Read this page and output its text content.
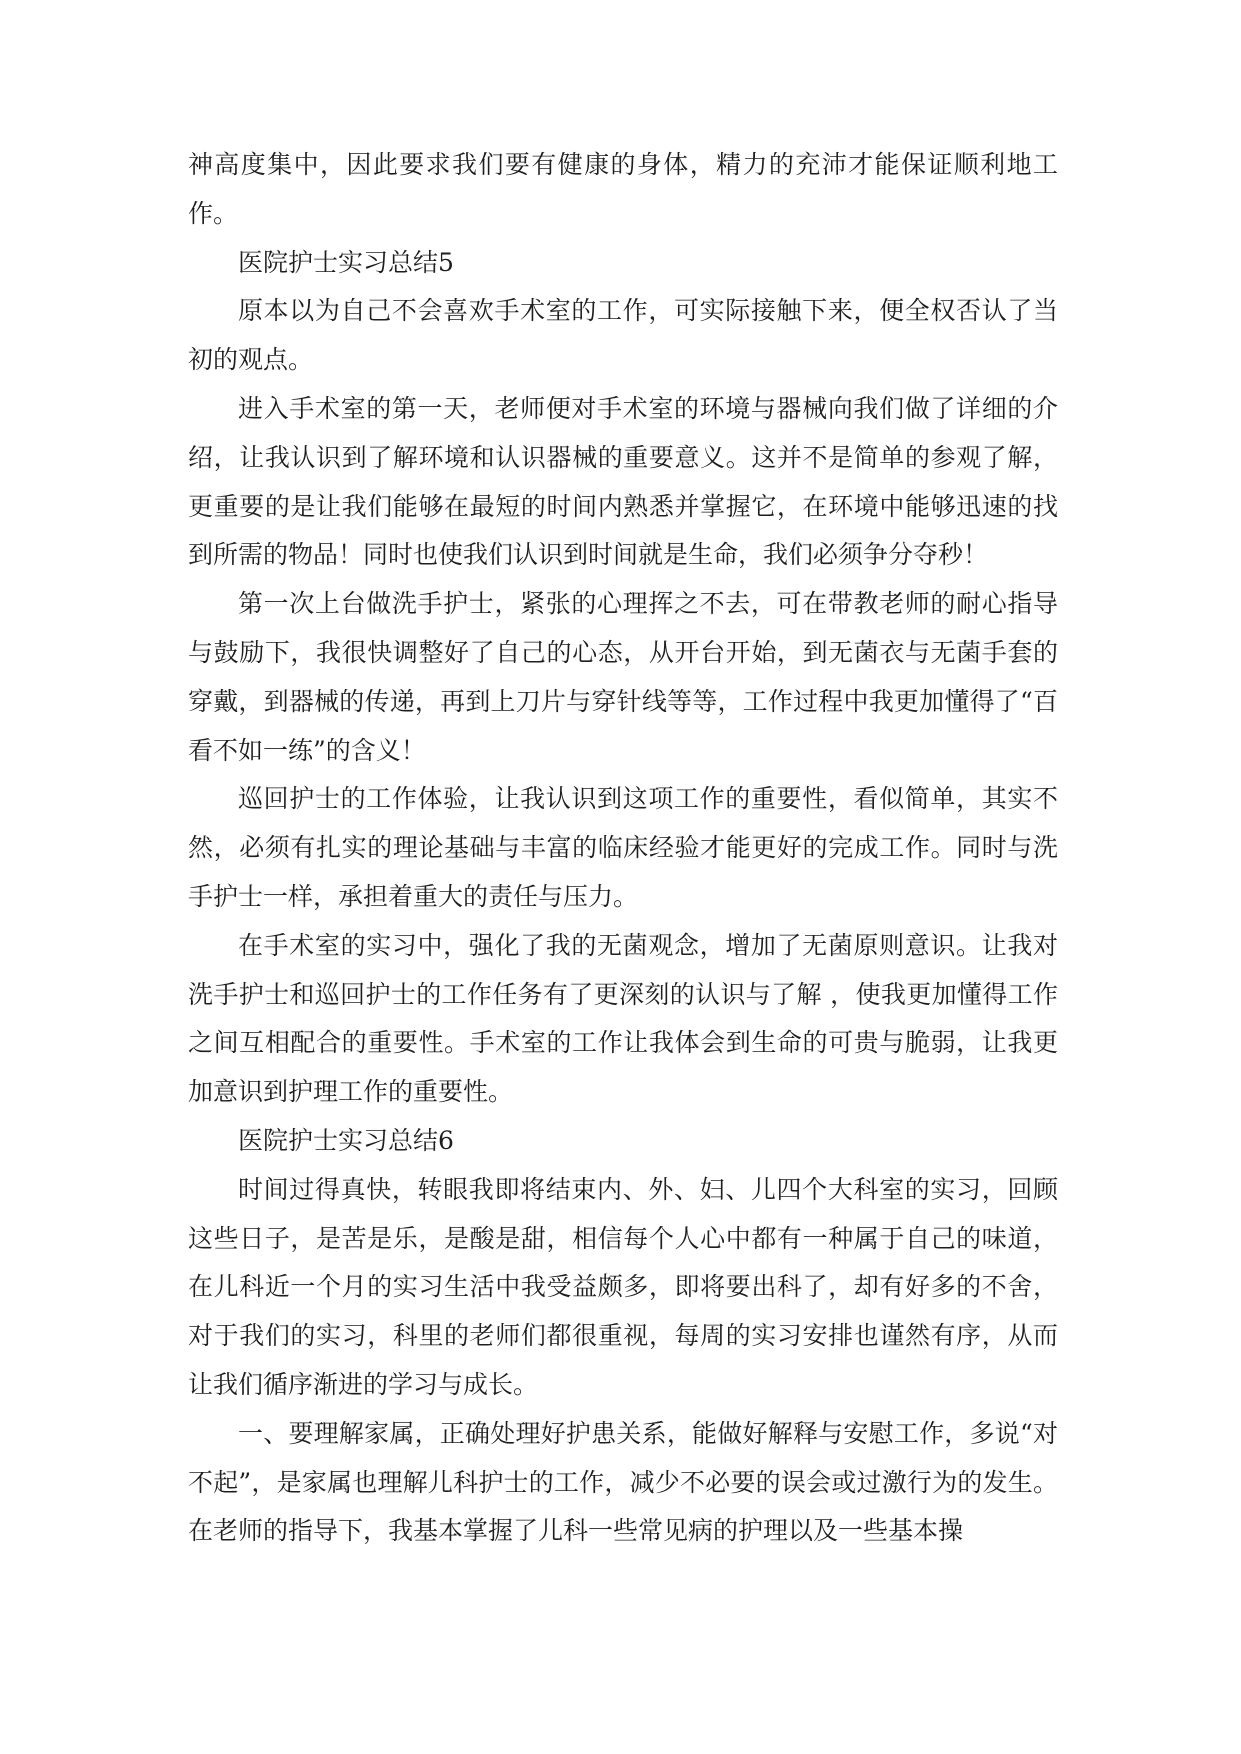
神高度集中，因此要求我们要有健康的身体，精力的充沛才能保证顺利地工作。

医院护士实习总结5

原本以为自己不会喜欢手术室的工作，可实际接触下来，便全权否认了当初的观点。

进入手术室的第一天，老师便对手术室的环境与器械向我们做了详细的介绍，让我认识到了解环境和认识器械的重要意义。这并不是简单的参观了解，更重要的是让我们能够在最短的时间内熟悉并掌握它，在环境中能够迅速的找到所需的物品！同时也使我们认识到时间就是生命，我们必须争分夺秒！

第一次上台做洗手护士，紧张的心理挥之不去，可在带教老师的耐心指导与鼓励下，我很快调整好了自己的心态，从开台开始，到无菌衣与无菌手套的穿戴，到器械的传递，再到上刀片与穿针线等等，工作过程中我更加懂得了“百看不如一练”的含义！

巡回护士的工作体验，让我认识到这项工作的重要性，看似简单，其实不然，必须有扎实的理论基础与丰富的临床经验才能更好的完成工作。同时与洗手护士一样，承担着重大的责任与压力。

在手术室的实习中，强化了我的无菌观念，增加了无菌原则意识。让我对洗手护士和巡回护士的工作任务有了更深刻的认识与了解 ，使我更加懂得工作之间互相配合的重要性。手术室的工作让我体会到生命的可贵与脆弱，让我更加意识到护理工作的重要性。

医院护士实习总结6

时间过得真快，转眼我即将结束内、外、妇、儿四个大科室的实习，回顾这些日子，是苦是乐，是酸是甜，相信每个人心中都有一种属于自己的味道，在儿科近一个月的实习生活中我受益颇多，即将要出科了，却有好多的不舍，对于我们的实习，科里的老师们都很重视，每周的实习安排也谨然有序，从而让我们循序渐进的学习与成长。

一、要理解家属，正确处理好护患关系，能做好解释与安慰工作，多说“对不起”，是家属也理解儿科护士的工作，减少不必要的误会或过激行为的发生。在老师的指导下，我基本掌握了儿科一些常见病的护理以及一些基本操
